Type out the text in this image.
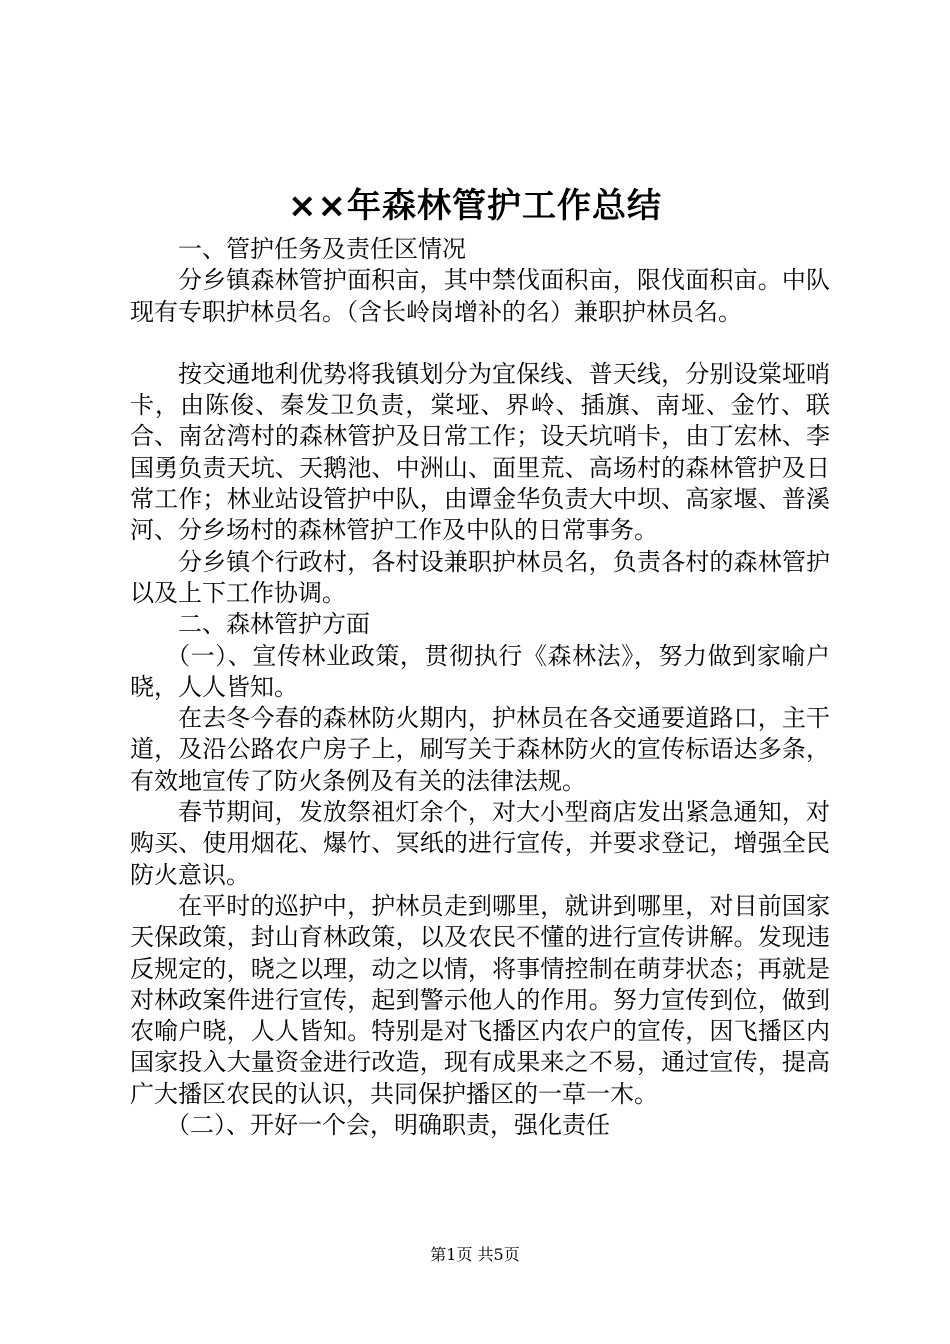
××年森林管护工作总结

一、管护任务及责任区情况

分乡镇森林管护面积亩，其中禁伐面积亩，限伐面积亩。中队现有专职护林员名。（含长岭岗增补的名）兼职护林员名。

按交通地利优势将我镇划分为宜保线、普天线，分别设棠垭哨卡，由陈俊、秦发卫负责，棠垭、界岭、插旗、南垭、金竹、联合、南岔湾村的森林管护及日常工作；设天坑哨卡，由丁宏林、李国勇负责天坑、天鹅池、中洲山、面里荒、高场村的森林管护及日常工作；林业站设管护中队，由谭金华负责大中坝、高家堰、普溪河、分乡场村的森林管护工作及中队的日常事务。

分乡镇个行政村，各村设兼职护林员名，负责各村的森林管护以及上下工作协调。

二、森林管护方面

（一）、宣传林业政策，贯彻执行《森林法》，努力做到家喻户晓，人人皆知。

在去冬今春的森林防火期内，护林员在各交通要道路口，主干道，及沿公路农户房子上，刷写关于森林防火的宣传标语达多条，有效地宣传了防火条例及有关的法律法规。

春节期间，发放祭祖灯余个，对大小型商店发出紧急通知，对购买、使用烟花、爆竹、冥纸的进行宣传，并要求登记，增强全民防火意识。

在平时的巡护中，护林员走到哪里，就讲到哪里，对目前国家天保政策，封山育林政策，以及农民不懂的进行宣传讲解。发现违反规定的，晓之以理，动之以情，将事情控制在萌芽状态；再就是对林政案件进行宣传，起到警示他人的作用。努力宣传到位，做到农喻户晓，人人皆知。特别是对飞播区内农户的宣传，因飞播区内国家投入大量资金进行改造，现有成果来之不易，通过宣传，提高广大播区农民的认识，共同保护播区的一草一木。

（二）、开好一个会，明确职责，强化责任

第1页 共5页
